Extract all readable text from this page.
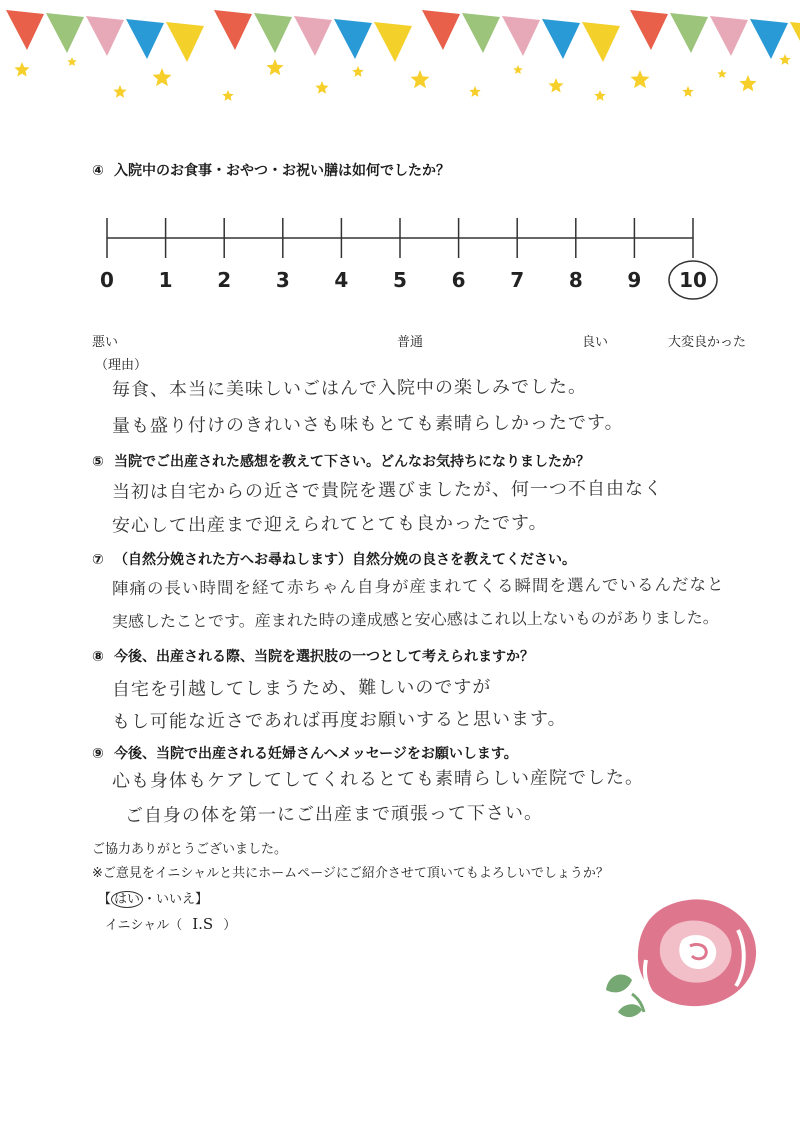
④ 入院中のお食事・おやつ・お祝い膳は如何でしたか？
0 1 2 3 4 5 6 7 8 9 10
悪い	普通	良い	大変良かった
（理由）
毎食、本当に美味しいごはんで入院中の楽しみでした。
量も盛り付けのきれいさも味もとても素晴らしかったです。
⑤ 当院でご出産された感想を教えて下さい。どんなお気持ちになりましたか？
当初は自宅からの近さで貴院を選びましたが、何一つ不自由なく
安心して出産まで迎えられてとても良かったです。
⑦ （自然分娩された方へお尋ねします）自然分娩の良さを教えてください。
陣痛の長い時間を経て赤ちゃん自身が産まれてくる瞬間を選んでいるんだなと
実感したことです。産まれた時の達成感と安心感はこれ以上ないものがありました。
⑧ 今後、出産される際、当院を選択肢の一つとして考えられますか？
自宅を引越してしまうため、難しいのですが
もし可能な近さであれば再度お願いすると思います。
⑨ 今後、当院で出産される妊婦さんへメッセージをお願いします。
心も身体もケアしてしてくれるとても素晴らしい産院でした。
ご自身の体を第一にご出産まで頑張って下さい。
ご協力ありがとうございました。
※ご意見をイニシャルと共にホームページにご紹介させて頂いてもよろしいでしょうか？
【 はい ・いいえ】
イニシャル（ I.S ）
